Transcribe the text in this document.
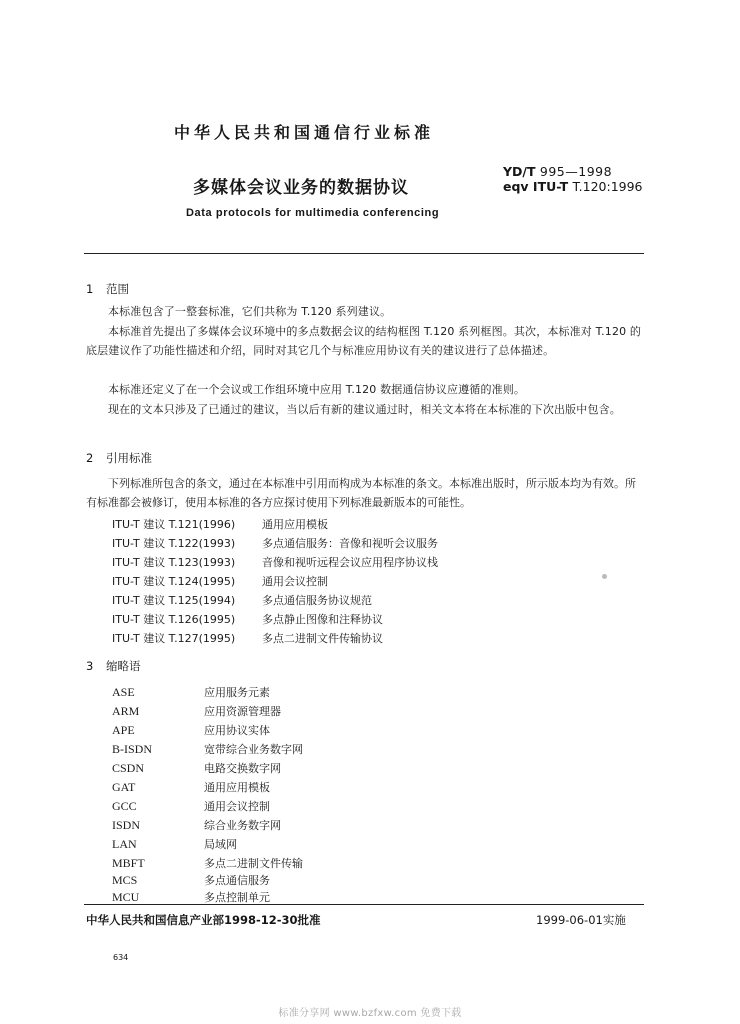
中华人民共和国通信行业标准
多媒体会议业务的数据协议
YD/T 995—1998
eqv ITU-T T.120:1996
Data protocols for multimedia conferencing
1 范围
本标准包含了一整套标准，它们共称为 T.120 系列建议。
本标准首先提出了多媒体会议环境中的多点数据会议的结构框图 T.120 系列框图。其次，本标准对 T.120 的底层建议作了功能性描述和介绍，同时对其它几个与标准应用协议有关的建议进行了总体描述。
本标准还定义了在一个会议或工作组环境中应用 T.120 数据通信协议应遵循的准则。
现在的文本只涉及了已通过的建议，当以后有新的建议通过时，相关文本将在本标准的下次出版中包含。
2 引用标准
下列标准所包含的条文，通过在本标准中引用而构成为本标准的条文。本标准出版时，所示版本均为有效。所有标准都会被修订，使用本标准的各方应探讨使用下列标准最新版本的可能性。
ITU-T 建议 T.121(1996) 通用应用模板
ITU-T 建议 T.122(1993) 多点通信服务：音像和视听会议服务
ITU-T 建议 T.123(1993) 音像和视听远程会议应用程序协议栈
ITU-T 建议 T.124(1995) 通用会议控制
ITU-T 建议 T.125(1994) 多点通信服务协议规范
ITU-T 建议 T.126(1995) 多点静止图像和注释协议
ITU-T 建议 T.127(1995) 多点二进制文件传输协议
3 缩略语
ASE	应用服务元素
ARM	应用资源管理器
APE	应用协议实体
B-ISDN	宽带综合业务数字网
CSDN	电路交换数字网
GAT	通用应用模板
GCC	通用会议控制
ISDN	综合业务数字网
LAN	局域网
MBFT	多点二进制文件传输
MCS	多点通信服务
MCU	多点控制单元
中华人民共和国信息产业部1998-12-30批准	1999-06-01实施
634
标准分享网 www.bzfxw.com 免费下载
